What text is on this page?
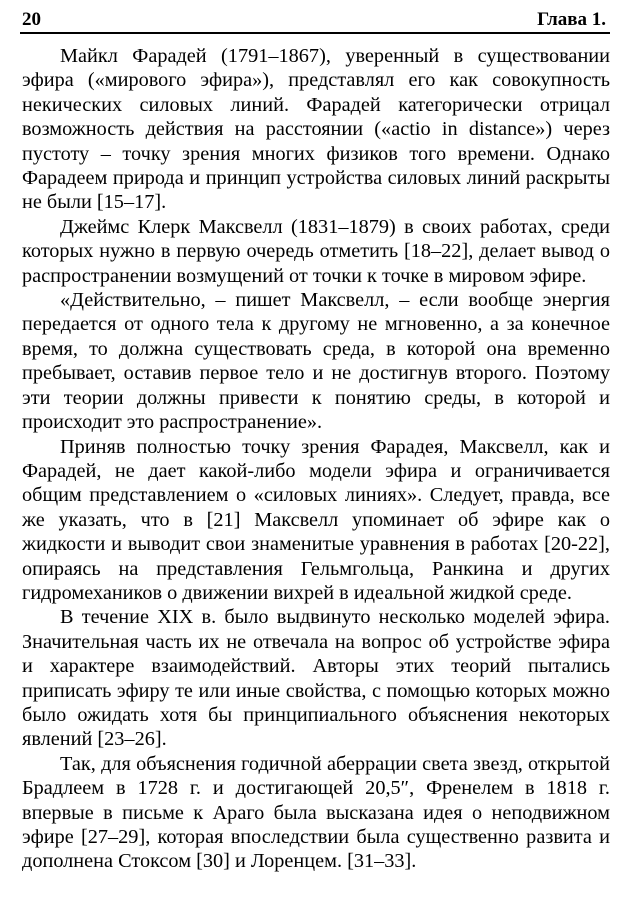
20	Глава 1.

Майкл Фарадей (1791–1867), уверенный в существовании эфира («мирового эфира»), представлял его как совокупность некических силовых линий. Фарадей категорически отрицал возможность действия на расстоянии («actio in distance») через пустоту – точку зрения многих физиков того времени. Однако Фарадеем природа и принцип устройства силовых линий раскрыты не были [15–17].

Джеймс Клерк Максвелл (1831–1879) в своих работах, среди которых нужно в первую очередь отметить [18–22], делает вывод о распространении возмущений от точки к точке в мировом эфире.

«Действительно, – пишет Максвелл, – если вообще энергия передается от одного тела к другому не мгновенно, а за конечное время, то должна существовать среда, в которой она временно пребывает, оставив первое тело и не достигнув второго. Поэтому эти теории должны привести к понятию среды, в которой и происходит это распространение».

Приняв полностью точку зрения Фарадея, Максвелл, как и Фарадей, не дает какой-либо модели эфира и ограничивается общим представлением о «силовых линиях». Следует, правда, все же указать, что в [21] Максвелл упоминает об эфире как о жидкости и выводит свои знаменитые уравнения в работах [20-22], опираясь на представления Гельмгольца, Ранкина и других гидромехаников о движении вихрей в идеальной жидкой среде.

В течение XIX в. было выдвинуто несколько моделей эфира. Значительная часть их не отвечала на вопрос об устройстве эфира и характере взаимодействий. Авторы этих теорий пытались приписать эфиру те или иные свойства, с помощью которых можно было ожидать хотя бы принципиального объяснения некоторых явлений [23–26].

Так, для объяснения годичной аберрации света звезд, открытой Брадлеем в 1728 г. и достигающей 20,5″, Френелем в 1818 г. впервые в письме к Араго была высказана идея о неподвижном эфире [27–29], которая впоследствии была существенно развита и дополнена Стоксом [30] и Лоренцем. [31–33].
